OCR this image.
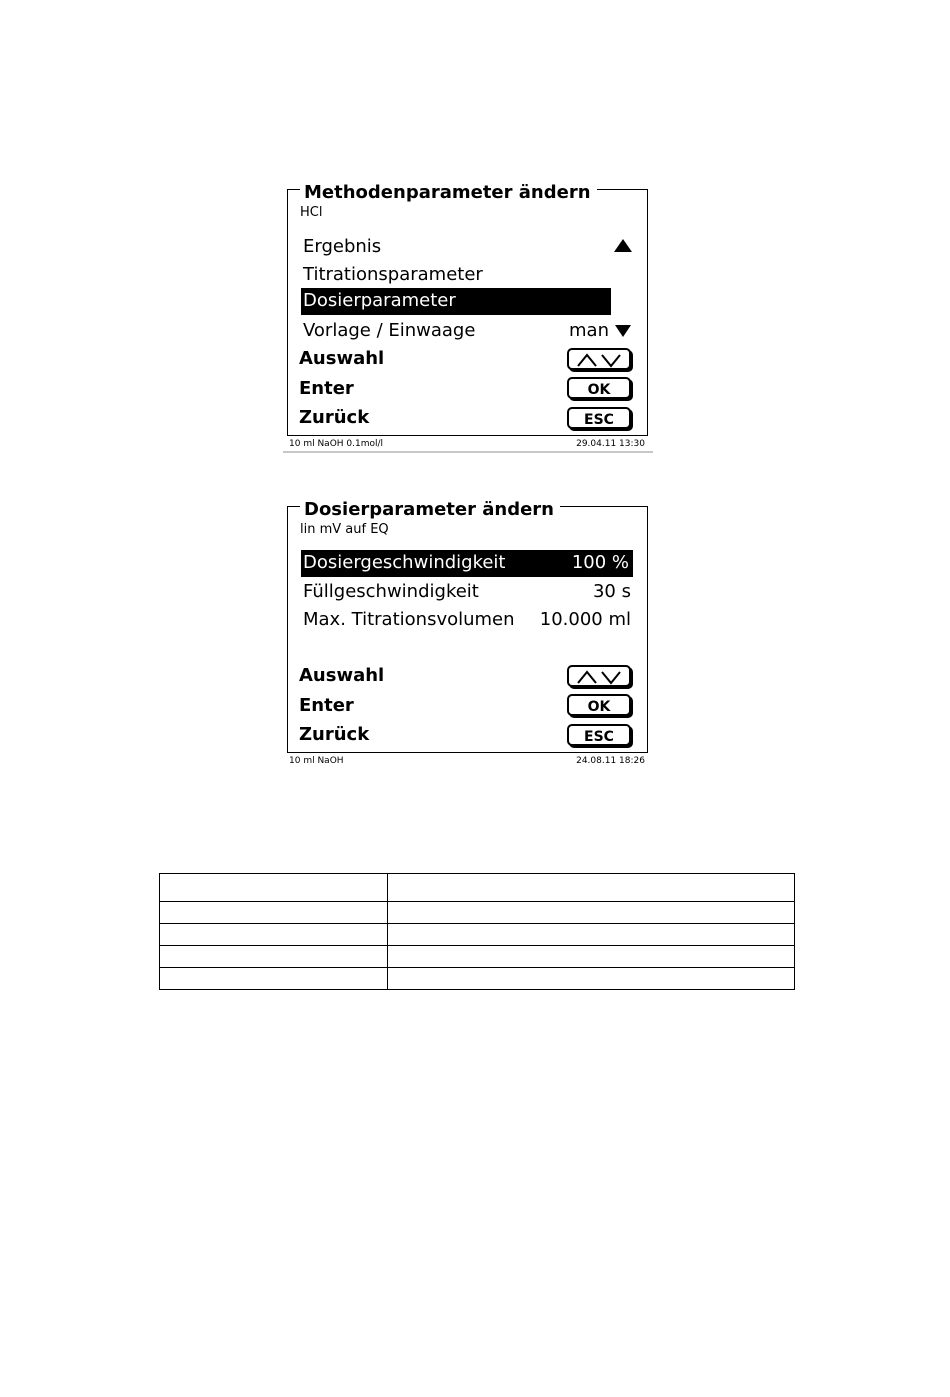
Methodenparameter ändern
HCl
Ergebnis
Titrationsparameter
Dosierparameter
Vorlage / Einwaage	man
Auswahl
Enter	OK
Zurück	ESC
10 ml NaOH 0.1mol/l	29.04.11 13:30
Dosierparameter ändern
lin mV auf EQ
Dosiergeschwindigkeit	100 %
Füllgeschwindigkeit	30 s
Max. Titrationsvolumen 10.000 ml
Auswahl
Enter	OK
Zurück	ESC
10 ml NaOH	24.08.11 18:26
